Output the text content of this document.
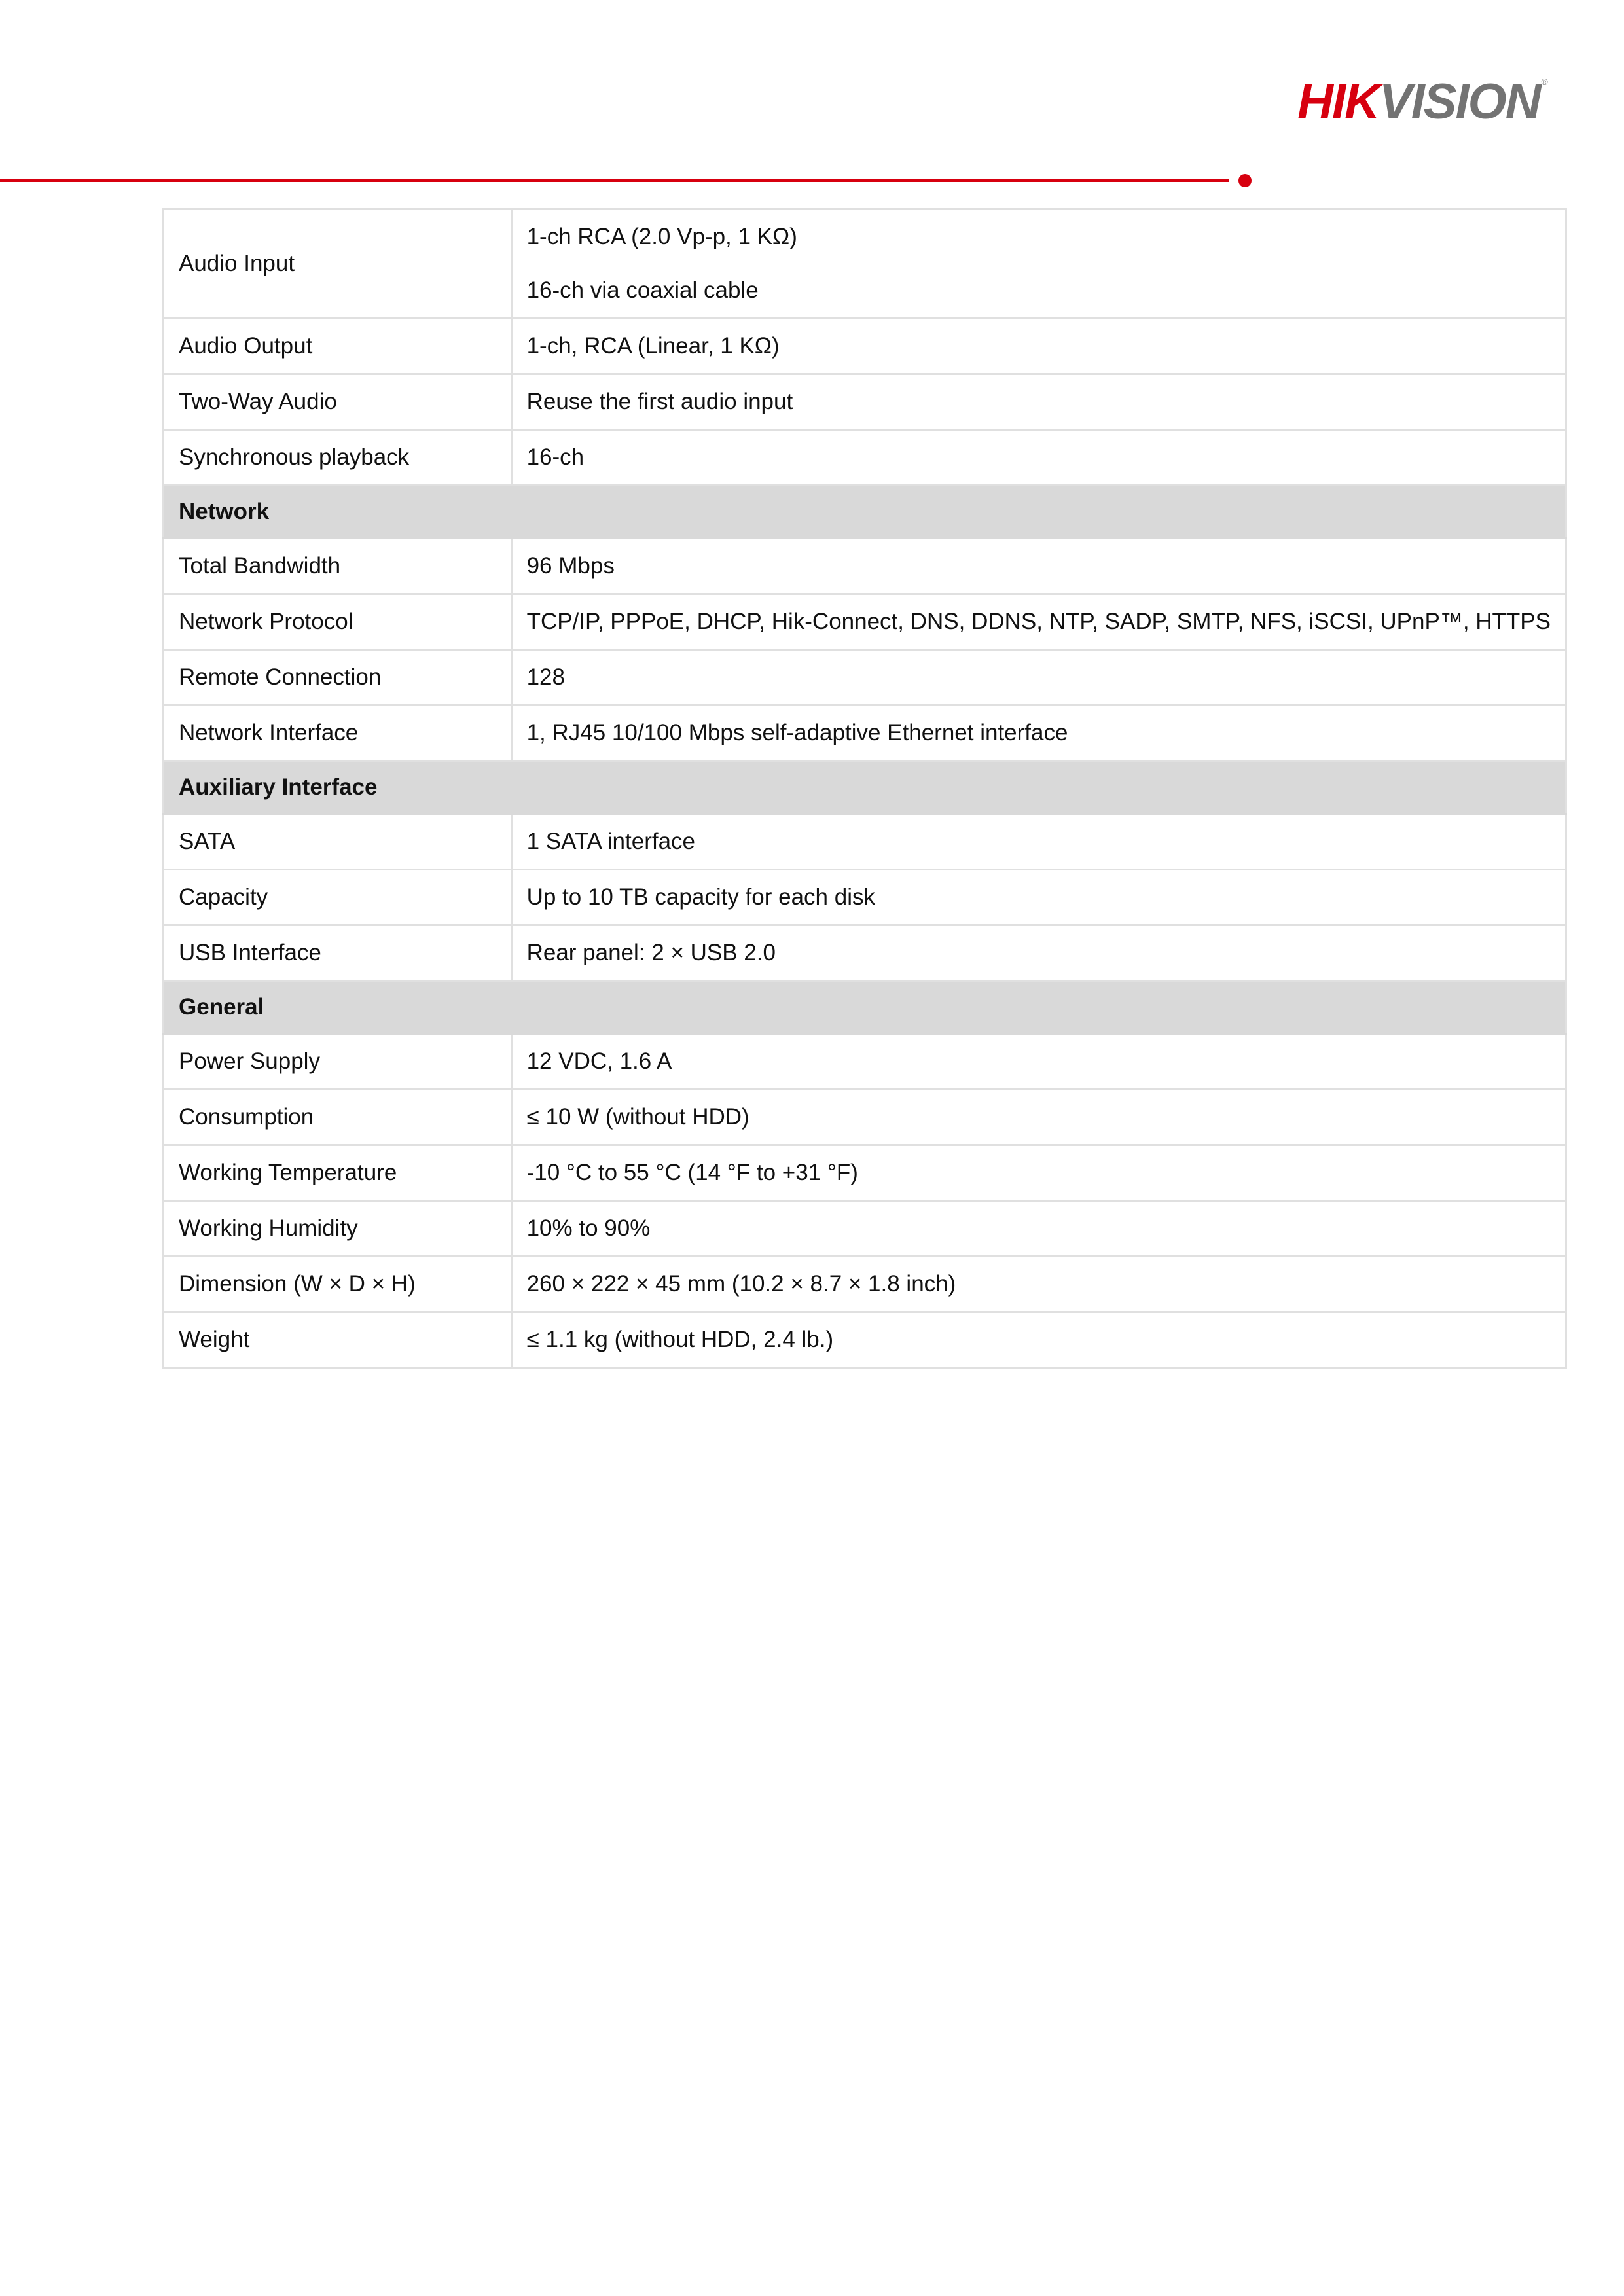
HIKVISION ®
Audio Input	1-ch RCA (2.0 Vp-p, 1 KΩ)
16-ch via coaxial cable

Audio Output	1-ch, RCA (Linear, 1 KΩ)

Two-Way Audio	Reuse the first audio input

Synchronous playback	16-ch

Network	
Total Bandwidth	96 Mbps

Network Protocol	TCP/IP, PPPoE, DHCP, Hik-Connect, DNS, DDNS, NTP, SADP, SMTP, NFS, iSCSI, UPnP™, HTTPS

Remote Connection	128

Network Interface	1, RJ45 10/100 Mbps self-adaptive Ethernet interface

Auxiliary Interface	
SATA	1 SATA interface

Capacity	Up to 10 TB capacity for each disk

USB Interface	Rear panel: 2 × USB 2.0

General	
Power Supply	12 VDC, 1.6 A

Consumption	≤ 10 W (without HDD)

Working Temperature	-10 °C to 55 °C (14 °F to +31 °F)

Working Humidity	10% to 90%

Dimension (W × D × H)	260 × 222 × 45 mm (10.2 × 8.7 × 1.8 inch)

Weight	≤ 1.1 kg (without HDD, 2.4 lb.)
